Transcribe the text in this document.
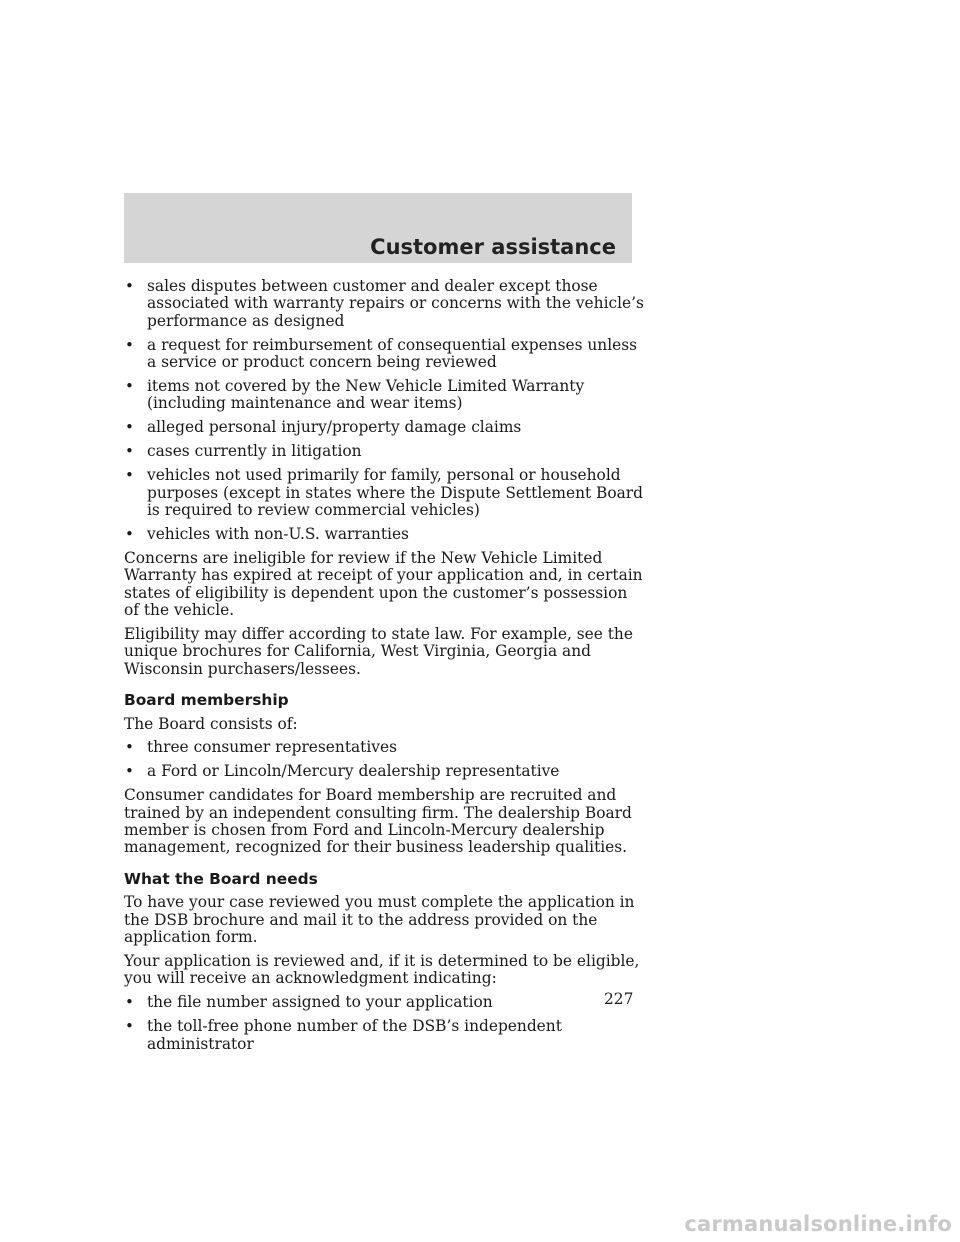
Customer assistance
• sales disputes between customer and dealer except those associated with warranty repairs or concerns with the vehicle’s performance as designed
• a request for reimbursement of consequential expenses unless a service or product concern being reviewed
• items not covered by the New Vehicle Limited Warranty (including maintenance and wear items)
• alleged personal injury/property damage claims
• cases currently in litigation
• vehicles not used primarily for family, personal or household purposes (except in states where the Dispute Settlement Board is required to review commercial vehicles)
• vehicles with non-U.S. warranties

Concerns are ineligible for review if the New Vehicle Limited Warranty has expired at receipt of your application and, in certain states of eligibility is dependent upon the customer’s possession of the vehicle.

Eligibility may differ according to state law. For example, see the unique brochures for California, West Virginia, Georgia and Wisconsin purchasers/lessees.

Board membership

The Board consists of:

• three consumer representatives
• a Ford or Lincoln/Mercury dealership representative

Consumer candidates for Board membership are recruited and trained by an independent consulting firm. The dealership Board member is chosen from Ford and Lincoln-Mercury dealership management, recognized for their business leadership qualities.

What the Board needs

To have your case reviewed you must complete the application in the DSB brochure and mail it to the address provided on the application form.

Your application is reviewed and, if it is determined to be eligible, you will receive an acknowledgment indicating:

• the file number assigned to your application
• the toll-free phone number of the DSB’s independent administrator
227
carmanualsonline.info
